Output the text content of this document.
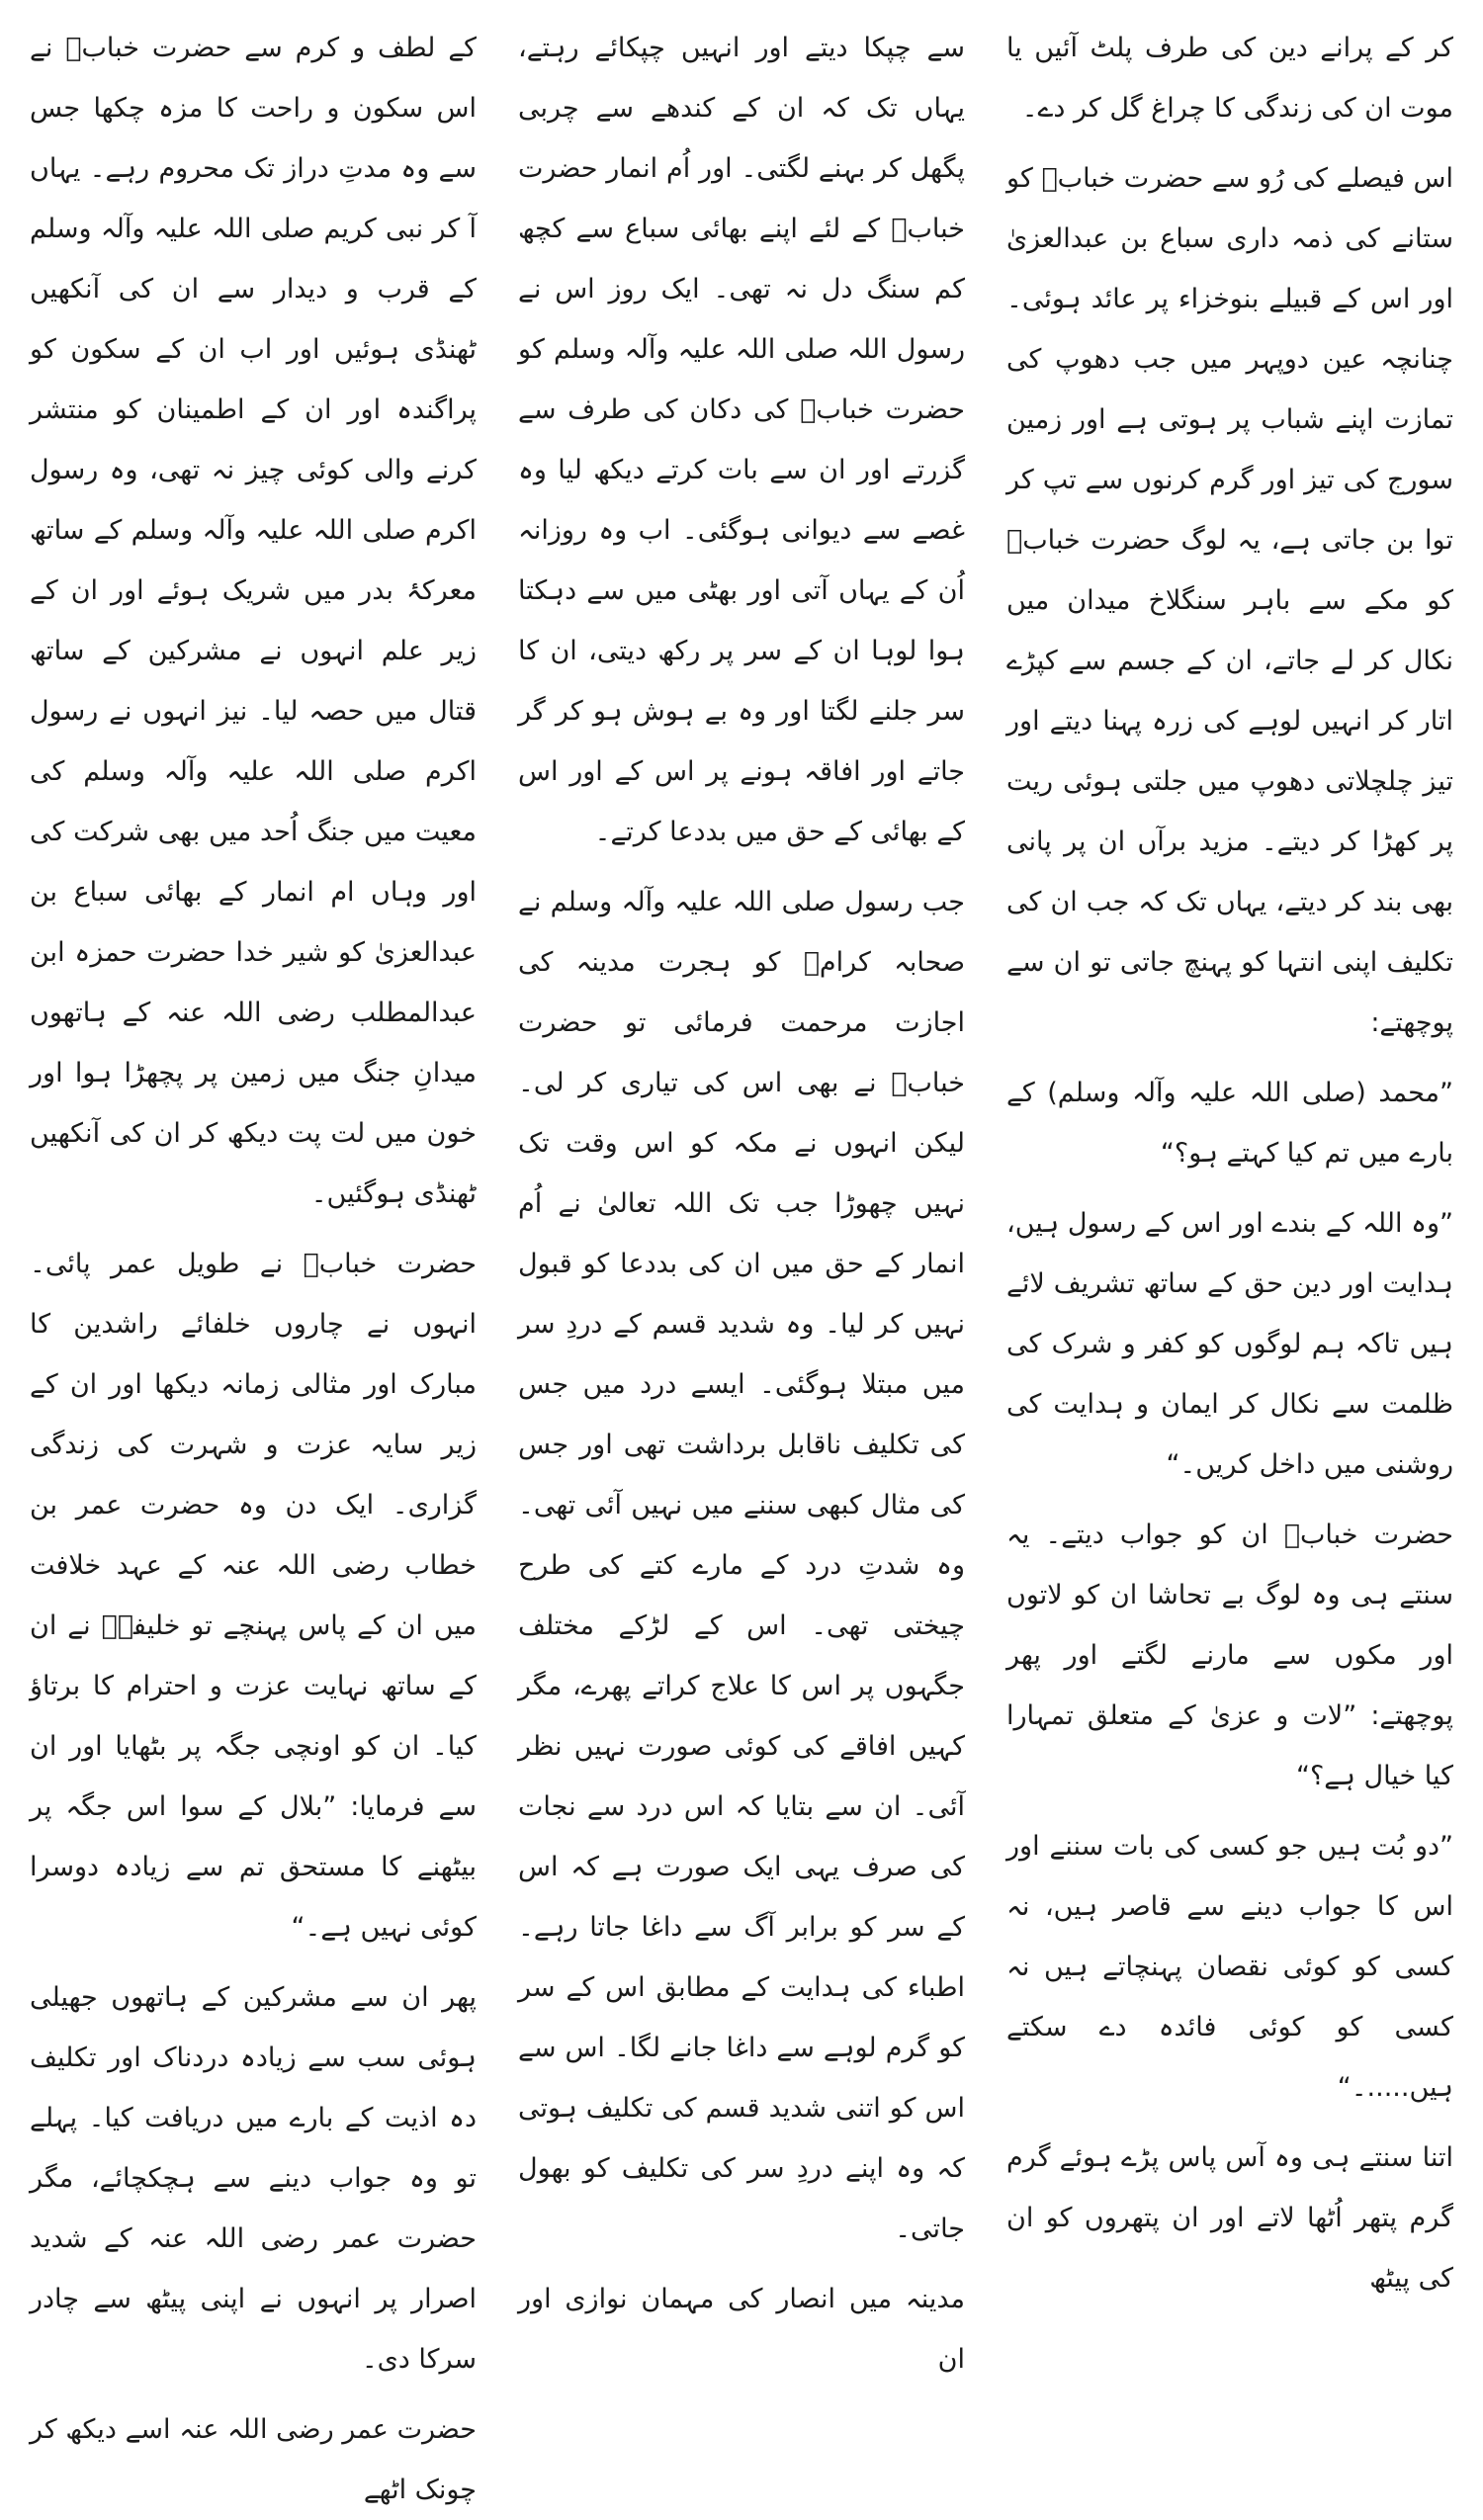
کر کے پرانے دین کی طرف پلٹ آئیں یا موت ان کی زندگی کا چراغ گل کر دے۔

اس فیصلے کی رُو سے حضرت خبابؓ کو ستانے کی ذمہ داری سباع بن عبدالعزیٰ اور اس کے قبیلے بنوخزاء پر عائد ہوئی۔ چنانچہ عین دوپہر میں جب دھوپ کی تمازت اپنے شباب پر ہوتی ہے اور زمین سورج کی تیز اور گرم کرنوں سے تپ کر توا بن جاتی ہے، یہ لوگ حضرت خبابؓ کو مکے سے باہر سنگلاخ میدان میں نکال کر لے جاتے، ان کے جسم سے کپڑے اتار کر انہیں لوہے کی زرہ پہنا دیتے اور تیز چلچلاتی دھوپ میں جلتی ہوئی ریت پر کھڑا کر دیتے۔ مزید برآں ان پر پانی بھی بند کر دیتے، یہاں تک کہ جب ان کی تکلیف اپنی انتہا کو پہنچ جاتی تو ان سے پوچھتے:

”محمد (صلی اللہ علیہ وآلہ وسلم) کے بارے میں تم کیا کہتے ہو؟“

”وہ اللہ کے بندے اور اس کے رسول ہیں، ہدایت اور دین حق کے ساتھ تشریف لائے ہیں تاکہ ہم لوگوں کو کفر و شرک کی ظلمت سے نکال کر ایمان و ہدایت کی روشنی میں داخل کریں۔“

حضرت خبابؓ ان کو جواب دیتے۔ یہ سنتے ہی وہ لوگ بے تحاشا ان کو لاتوں اور مکوں سے مارنے لگتے اور پھر پوچھتے: ”لات و عزیٰ کے متعلق تمہارا کیا خیال ہے؟“

”دو بُت ہیں جو کسی کی بات سننے اور اس کا جواب دینے سے قاصر ہیں، نہ کسی کو کوئی نقصان پہنچاتے ہیں نہ کسی کو کوئی فائدہ دے سکتے ہیں.....۔“

اتنا سنتے ہی وہ آس پاس پڑے ہوئے گرم گرم پتھر اُٹھا لاتے اور ان پتھروں کو ان کی پیٹھ

سے چپکا دیتے اور انہیں چپکائے رہتے، یہاں تک کہ ان کے کندھے سے چربی پگھل کر بہنے لگتی۔ اور اُم انمار حضرت خبابؓ کے لئے اپنے بھائی سباع سے کچھ کم سنگ دل نہ تھی۔ ایک روز اس نے رسول اللہ صلی اللہ علیہ وآلہ وسلم کو حضرت خبابؓ کی دکان کی طرف سے گزرتے اور ان سے بات کرتے دیکھ لیا وہ غصے سے دیوانی ہوگئی۔ اب وہ روزانہ اُن کے یہاں آتی اور بھٹی میں سے دہکتا ہوا لوہا ان کے سر پر رکھ دیتی، ان کا سر جلنے لگتا اور وہ بے ہوش ہو کر گر جاتے اور افاقہ ہونے پر اس کے اور اس کے بھائی کے حق میں بددعا کرتے۔

جب رسول صلی اللہ علیہ وآلہ وسلم نے صحابہ کرامؓ کو ہجرت مدینہ کی اجازت مرحمت فرمائی تو حضرت خبابؓ نے بھی اس کی تیاری کر لی۔ لیکن انہوں نے مکہ کو اس وقت تک نہیں چھوڑا جب تک اللہ تعالیٰ نے اُم انمار کے حق میں ان کی بددعا کو قبول نہیں کر لیا۔ وہ شدید قسم کے دردِ سر میں مبتلا ہوگئی۔ ایسے درد میں جس کی تکلیف ناقابل برداشت تھی اور جس کی مثال کبھی سننے میں نہیں آئی تھی۔ وہ شدتِ درد کے مارے کتے کی طرح چیختی تھی۔ اس کے لڑکے مختلف جگہوں پر اس کا علاج کراتے پھرے، مگر کہیں افاقے کی کوئی صورت نہیں نظر آئی۔ ان سے بتایا کہ اس درد سے نجات کی صرف یہی ایک صورت ہے کہ اس کے سر کو برابر آگ سے داغا جاتا رہے۔ اطباء کی ہدایت کے مطابق اس کے سر کو گرم لوہے سے داغا جانے لگا۔ اس سے اس کو اتنی شدید قسم کی تکلیف ہوتی کہ وہ اپنے دردِ سر کی تکلیف کو بھول جاتی۔

مدینہ میں انصار کی مہمان نوازی اور ان

کے لطف و کرم سے حضرت خبابؓ نے اس سکون و راحت کا مزہ چکھا جس سے وہ مدتِ دراز تک محروم رہے۔ یہاں آ کر نبی کریم صلی اللہ علیہ وآلہ وسلم کے قرب و دیدار سے ان کی آنکھیں ٹھنڈی ہوئیں اور اب ان کے سکون کو پراگندہ اور ان کے اطمینان کو منتشر کرنے والی کوئی چیز نہ تھی، وہ رسول اکرم صلی اللہ علیہ وآلہ وسلم کے ساتھ معرکۂ بدر میں شریک ہوئے اور ان کے زیر علم انہوں نے مشرکین کے ساتھ قتال میں حصہ لیا۔ نیز انہوں نے رسول اکرم صلی اللہ علیہ وآلہ وسلم کی معیت میں جنگ اُحد میں بھی شرکت کی اور وہاں ام انمار کے بھائی سباع بن عبدالعزیٰ کو شیر خدا حضرت حمزہ ابن عبدالمطلب رضی اللہ عنہ کے ہاتھوں میدانِ جنگ میں زمین پر پچھڑا ہوا اور خون میں لت پت دیکھ کر ان کی آنکھیں ٹھنڈی ہوگئیں۔

حضرت خبابؓ نے طویل عمر پائی۔ انہوں نے چاروں خلفائے راشدین کا مبارک اور مثالی زمانہ دیکھا اور ان کے زیر سایہ عزت و شہرت کی زندگی گزاری۔ ایک دن وہ حضرت عمر بن خطاب رضی اللہ عنہ کے عہد خلافت میں ان کے پاس پہنچے تو خلیفہؓ نے ان کے ساتھ نہایت عزت و احترام کا برتاؤ کیا۔ ان کو اونچی جگہ پر بٹھایا اور ان سے فرمایا: ”بلال کے سوا اس جگہ پر بیٹھنے کا مستحق تم سے زیادہ دوسرا کوئی نہیں ہے۔“

پھر ان سے مشرکین کے ہاتھوں جھیلی ہوئی سب سے زیادہ دردناک اور تکلیف دہ اذیت کے بارے میں دریافت کیا۔ پہلے تو وہ جواب دینے سے ہچکچائے، مگر حضرت عمر رضی اللہ عنہ کے شدید اصرار پر انہوں نے اپنی پیٹھ سے چادر سرکا دی۔

حضرت عمر رضی اللہ عنہ اسے دیکھ کر چونک اٹھے
